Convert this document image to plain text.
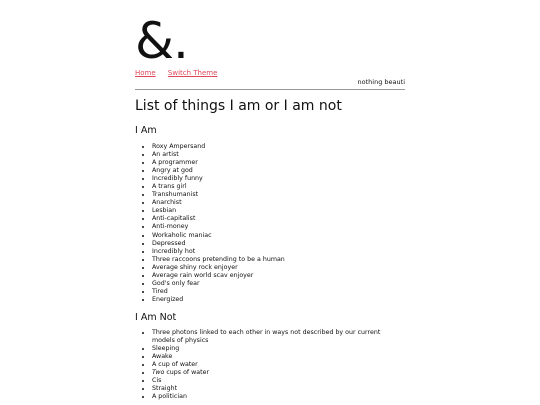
&.
Home Switch Theme
nothing beauti
List of things I am or I am not
I Am
• Roxy Ampersand
• An artist
• A programmer
• Angry at god
• Incredibly funny
• A trans girl
• Transhumanist
• Anarchist
• Lesbian
• Anti-capitalist
• Anti-money
• Workaholic maniac
• Depressed
• Incredibly hot
• Three raccoons pretending to be a human
• Average shiny rock enjoyer
• Average rain world scav enjoyer
• God's only fear
• Tired
• Energized
I Am Not
• Three photons linked to each other in ways not described by our current models of physics
• Sleeping
• Awake
• A cup of water
• Two cups of water
• Cis
• Straight
• A politician
